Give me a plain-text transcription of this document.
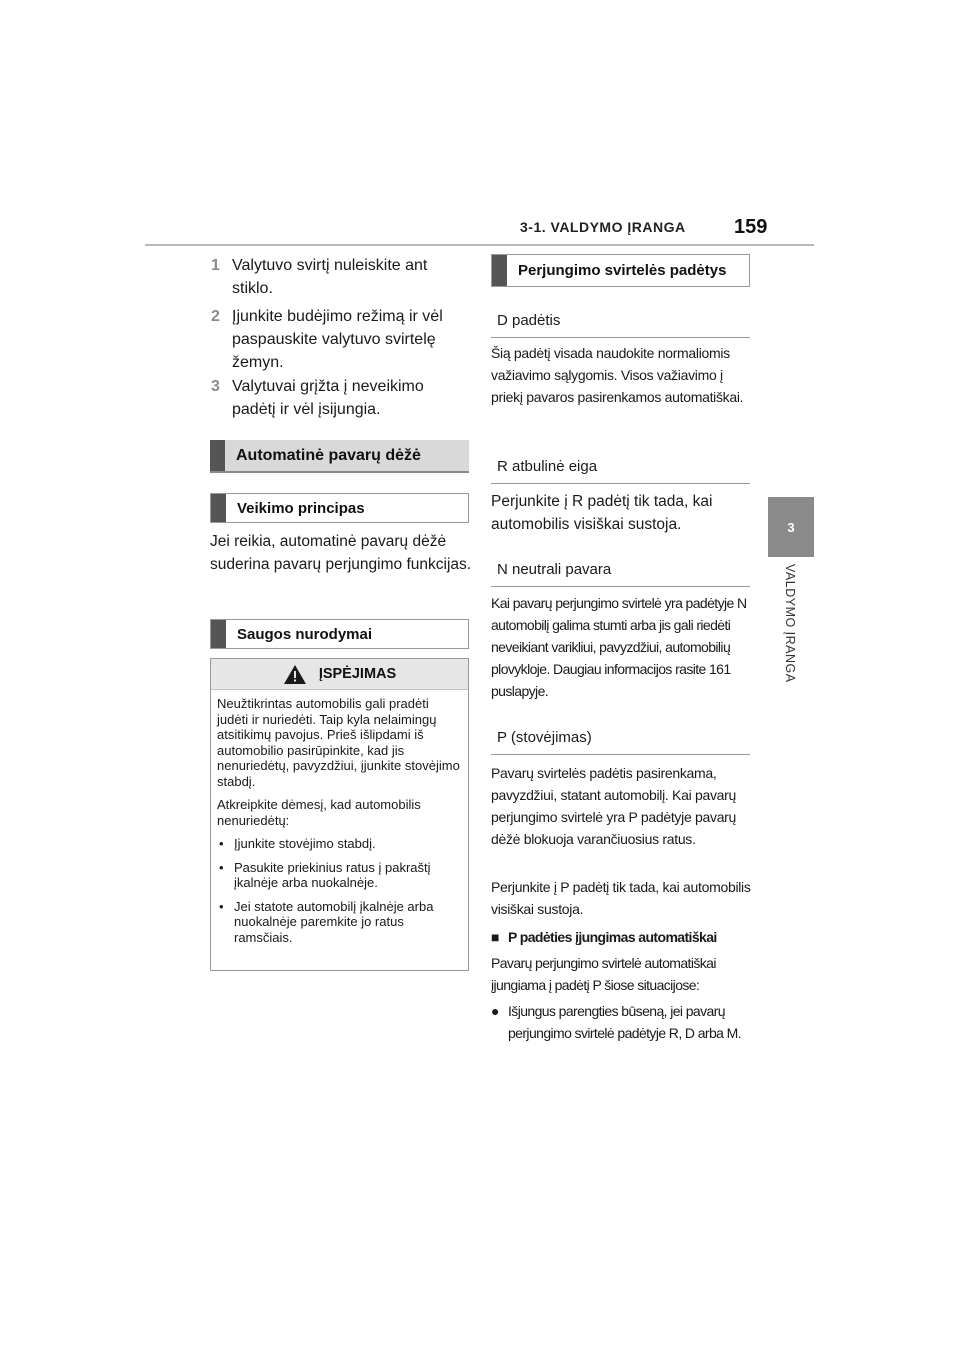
3-1. VALDYMO ĮRANGA 159
3
VALDYMO ĮRANGA
1 Valytuvo svirtį nuleiskite ant stiklo.
2 Įjunkite budėjimo režimą ir vėl paspauskite valytuvo svirtelę žemyn.
3 Valytuvai grįžta į neveikimo padėtį ir vėl įsijungia.
Automatinė pavarų dėžė
Veikimo principas
Jei reikia, automatinė pavarų dėžė suderina pavarų perjungimo funkcijas.
Saugos nurodymai
ĮSPĖJIMAS

Neužtikrintas automobilis gali pradėti judėti ir nuriedėti. Taip kyla nelaimingų atsitikimų pavojus. Prieš išlipdami iš automobilio pasirūpinkite, kad jis nenuriedėtų, pavyzdžiui, įjunkite stovėjimo stabdį.

Atkreipkite dėmesį, kad automobilis nenuriedėtų:

• Įjunkite stovėjimo stabdį.
• Pasukite priekinius ratus į pakraštį įkalnėje arba nuokalnėje.
• Jei statote automobilį įkalnėje arba nuokalnėje paremkite jo ratus ramsčiais.
Perjungimo svirtelės padėtys
D padėtis
Šią padėtį visada naudokite normaliomis važiavimo sąlygomis. Visos važiavimo į priekį pavaros pasirenkamos automatiškai.
R atbulinė eiga
Perjunkite į R padėtį tik tada, kai automobilis visiškai sustoja.
N neutrali pavara
Kai pavarų perjungimo svirtelė yra padėtyje N automobilį galima stumti arba jis gali riedėti neveikiant varikliui, pavyzdžiui, automobilių plovykloje. Daugiau informacijos rasite 161 puslapyje.
P (stovėjimas)
Pavarų svirtelės padėtis pasirenkama, pavyzdžiui, statant automobilį. Kai pavarų perjungimo svirtelė yra P padėtyje pavarų dėžė blokuoja varančiuosius ratus.
Perjunkite į P padėtį tik tada, kai automobilis visiškai sustoja.
■ P padėties įjungimas automatiškai
Pavarų perjungimo svirtelė automatiškai įjungiama į padėtį P šiose situacijose:
● Išjungus parengties būseną, jei pavarų perjungimo svirtelė padėtyje R, D arba M.
